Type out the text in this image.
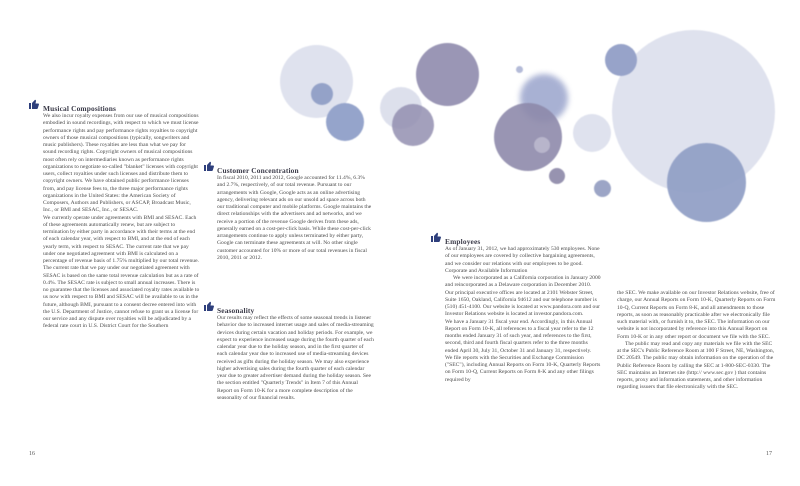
Musical Compositions

We also incur royalty expenses from our use of musical compositions embodied in sound recordings, with respect to which we must license performance rights and pay performance rights royalties to copyright owners of those musical compositions (typically, songwriters and music publishers). These royalties are less than what we pay for sound recording rights. Copyright owners of musical compositions most often rely on intermediaries known as performance rights organizations to negotiate so-called "blanket" licenses with copyright users, collect royalties under such licenses and distribute them to copyright owners. We have obtained public performance licenses from, and pay license fees to, the three major performance rights organizations in the United States: the American Society of Composers, Authors and Publishers, or ASCAP, Broadcast Music, Inc., or BMI and SESAC, Inc., or SESAC.

We currently operate under agreements with BMI and SESAC. Each of these agreements automatically renew, but are subject to termination by either party in accordance with their terms at the end of each calendar year, with respect to BMI, and at the end of each yearly term, with respect to SESAC. The current rate that we pay under one negotiated agreement with BMI is calculated on a percentage of revenue basis of 1.75% multiplied by our total revenue. The current rate that we pay under our negotiated agreement with SESAC is based on the same total revenue calculation but as a rate of 0.4%. The SESAC rate is subject to small annual increases. There is no guarantee that the licenses and associated royalty rates available to us now with respect to BMI and SESAC will be available to us in the future, although BMI, pursuant to a consent decree entered into with the U.S. Department of Justice, cannot refuse to grant us a license for our service and any dispute over royalties will be adjudicated by a federal rate court in U.S. District Court for the Southern

Customer Concentration

In fiscal 2010, 2011 and 2012, Google accounted for 11.4%, 6.3% and 2.7%, respectively, of our total revenue. Pursuant to our arrangements with Google, Google acts as an online advertising agency, delivering relevant ads on our unsold ad space across both our traditional computer and mobile platforms. Google maintains the direct relationships with the advertisers and ad networks, and we receive a portion of the revenue Google derives from these ads, generally earned on a cost-per-click basis. While these cost-per-click arrangements continue to apply unless terminated by either party, Google can terminate these agreements at will. No other single customer accounted for 10% or more of our total revenues in fiscal 2010, 2011 or 2012.

Seasonality

Our results may reflect the effects of some seasonal trends in listener behavior due to increased internet usage and sales of media-streaming devices during certain vacation and holiday periods. For example, we expect to experience increased usage during the fourth quarter of each calendar year due to the holiday season, and in the first quarter of each calendar year due to increased use of media-streaming devices received as gifts during the holiday season. We may also experience higher advertising sales during the fourth quarter of each calendar year due to greater advertiser demand during the holiday season. See the section entitled "Quarterly Trends" in Item 7 of this Annual Report on Form 10-K for a more complete description of the seasonality of our financial results.

Employees

As of January 31, 2012, we had approximately 530 employees. None of our employees are covered by collective bargaining agreements, and we consider our relations with our employees to be good.

Corporate and Available Information

We were incorporated as a California corporation in January 2000 and reincorporated as a Delaware corporation in December 2010. Our principal executive offices are located at 2101 Webster Street, Suite 1650, Oakland, California 94612 and our telephone number is (510) 451-4100. Our website is located at www.pandora.com and our Investor Relations website is located at investor.pandora.com.

We have a January 31 fiscal year end. Accordingly, in this Annual Report on Form 10-K, all references to a fiscal year refer to the 12 months ended January 31 of such year, and references to the first, second, third and fourth fiscal quarters refer to the three months ended April 30, July 31, October 31 and January 31, respectively.

We file reports with the Securities and Exchange Commission ("SEC"), including Annual Reports on Form 10-K, Quarterly Reports on Form 10-Q, Current Reports on Form 8-K and any other filings required by

the SEC. We make available on our Investor Relations website, free of charge, our Annual Reports on Form 10-K, Quarterly Reports on Form 10-Q, Current Reports on Form 8-K, and all amendments to those reports, as soon as reasonably practicable after we electronically file such material with, or furnish it to, the SEC. The information on our website is not incorporated by reference into this Annual Report on Form 10-K or in any other report or document we file with the SEC.

The public may read and copy any materials we file with the SEC at the SEC's Public Reference Room at 100 F Street, NE, Washington, DC 20549. The public may obtain information on the operation of the Public Reference Room by calling the SEC at 1-800-SEC-0330. The SEC maintains an Internet site (http:// www.sec.gov ) that contains reports, proxy and information statements, and other information regarding issuers that file electronically with the SEC.

16	17
